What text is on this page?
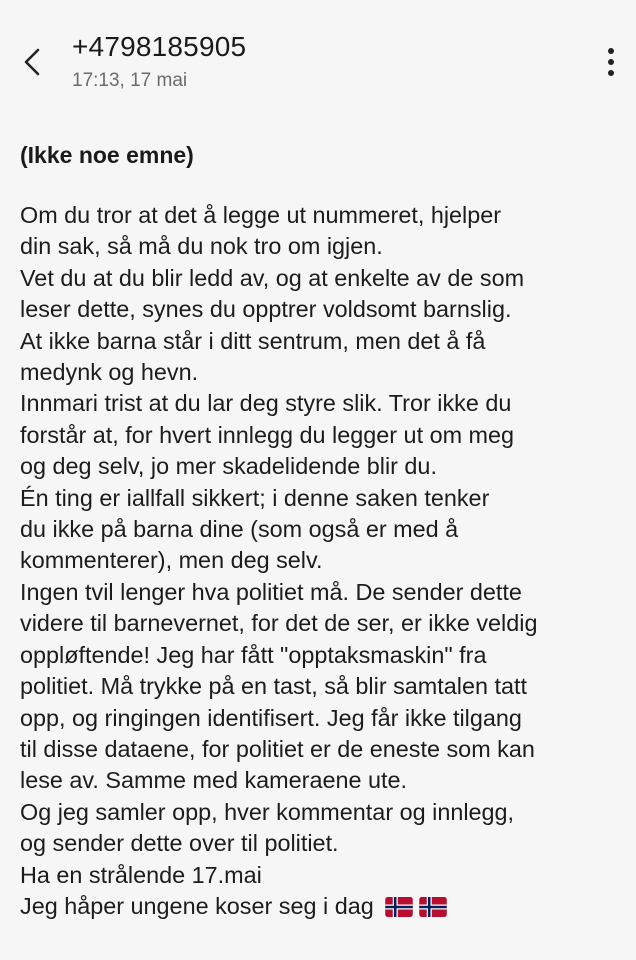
+4798185905
17:13, 17 mai
(Ikke noe emne)
Om du tror at det å legge ut nummeret, hjelper
din sak, så må du nok tro om igjen.
Vet du at du blir ledd av, og at enkelte av de som
leser dette, synes du opptrer voldsomt barnslig.
At ikke barna står i ditt sentrum, men det å få
medynk og hevn.
Innmari trist at du lar deg styre slik. Tror ikke du
forstår at, for hvert innlegg du legger ut om meg
og deg selv, jo mer skadelidende blir du.
Én ting er iallfall sikkert; i denne saken tenker
du ikke på barna dine (som også er med å
kommenterer), men deg selv.
Ingen tvil lenger hva politiet må. De sender dette
videre til barnevernet, for det de ser, er ikke veldig
oppløftende! Jeg har fått "opptaksmaskin" fra
politiet. Må trykke på en tast, så blir samtalen tatt
opp, og ringingen identifisert. Jeg får ikke tilgang
til disse dataene, for politiet er de eneste som kan
lese av. Samme med kameraene ute.
Og jeg samler opp, hver kommentar og innlegg,
og sender dette over til politiet.
Ha en strålende 17.mai
Jeg håper ungene koser seg i dag
